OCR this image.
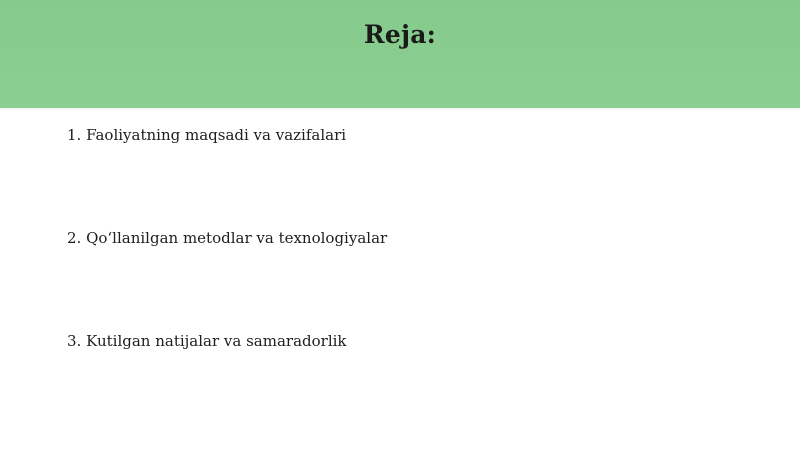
Reja:
1. Faoliyatning maqsadi va vazifalari
2. Qo‘llanilgan metodlar va texnologiyalar
3. Kutilgan natijalar va samaradorlik
